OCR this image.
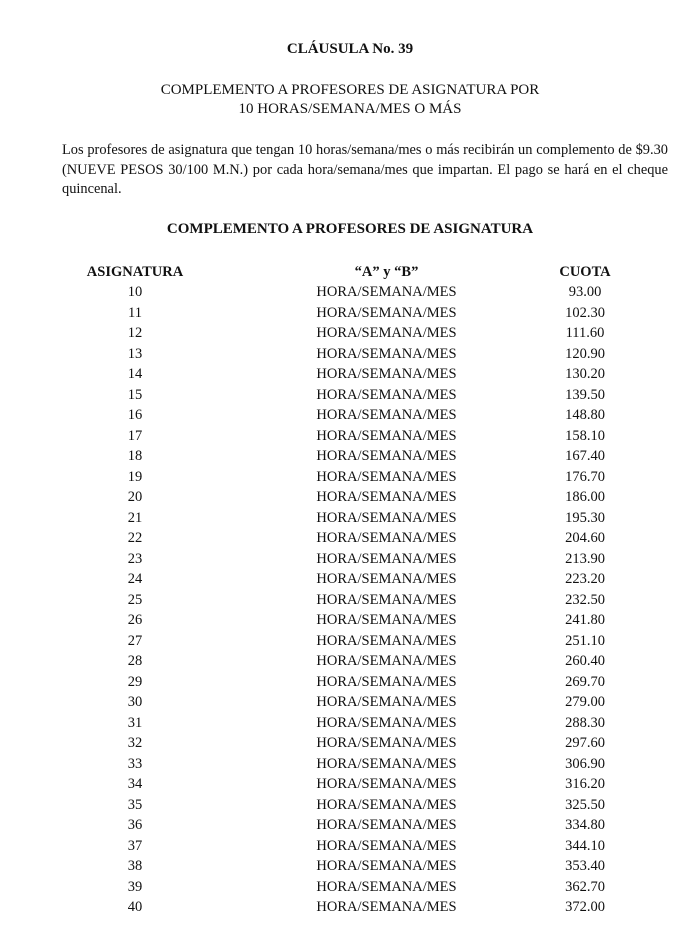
CLÁUSULA No. 39
COMPLEMENTO A PROFESORES DE ASIGNATURA POR
10 HORAS/SEMANA/MES O MÁS
Los profesores de asignatura que tengan 10 horas/semana/mes o más recibirán un complemento de $9.30 (NUEVE PESOS 30/100 M.N.) por cada hora/semana/mes que impartan. El pago se hará en el cheque quincenal.
COMPLEMENTO A PROFESORES DE ASIGNATURA
ASIGNATURA	“A” y “B”	CUOTA
10	HORA/SEMANA/MES	93.00
11	HORA/SEMANA/MES	102.30
12	HORA/SEMANA/MES	111.60
13	HORA/SEMANA/MES	120.90
14	HORA/SEMANA/MES	130.20
15	HORA/SEMANA/MES	139.50
16	HORA/SEMANA/MES	148.80
17	HORA/SEMANA/MES	158.10
18	HORA/SEMANA/MES	167.40
19	HORA/SEMANA/MES	176.70
20	HORA/SEMANA/MES	186.00
21	HORA/SEMANA/MES	195.30
22	HORA/SEMANA/MES	204.60
23	HORA/SEMANA/MES	213.90
24	HORA/SEMANA/MES	223.20
25	HORA/SEMANA/MES	232.50
26	HORA/SEMANA/MES	241.80
27	HORA/SEMANA/MES	251.10
28	HORA/SEMANA/MES	260.40
29	HORA/SEMANA/MES	269.70
30	HORA/SEMANA/MES	279.00
31	HORA/SEMANA/MES	288.30
32	HORA/SEMANA/MES	297.60
33	HORA/SEMANA/MES	306.90
34	HORA/SEMANA/MES	316.20
35	HORA/SEMANA/MES	325.50
36	HORA/SEMANA/MES	334.80
37	HORA/SEMANA/MES	344.10
38	HORA/SEMANA/MES	353.40
39	HORA/SEMANA/MES	362.70
40	HORA/SEMANA/MES	372.00
